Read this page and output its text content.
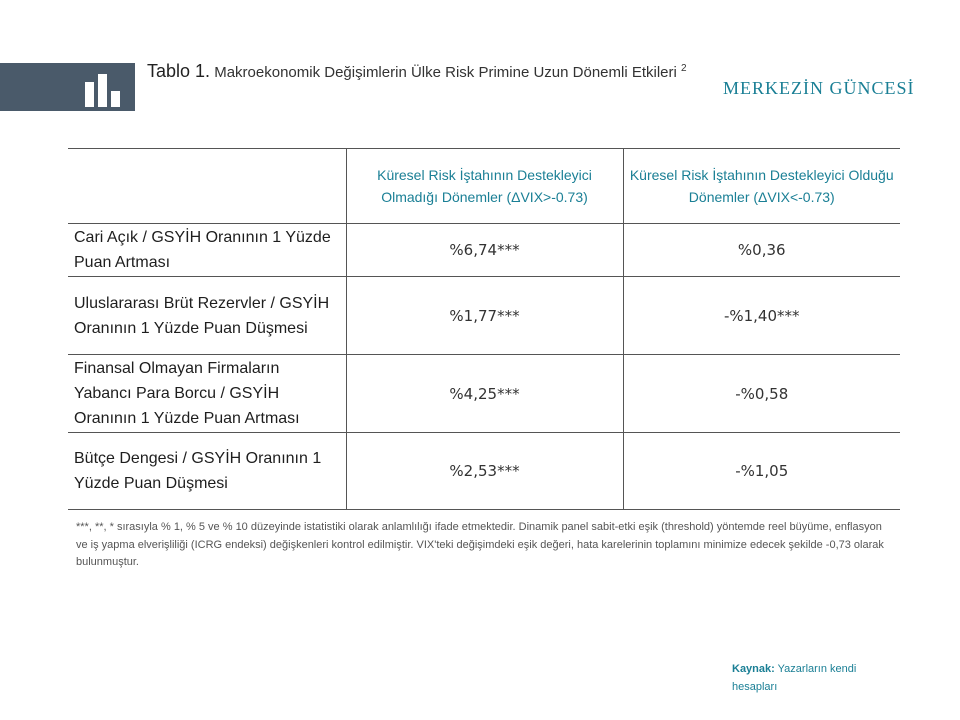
Tablo 1. Makroekonomik Değişimlerin Ülke Risk Primine Uzun Dönemli Etkileri $^2$
MERKEZİN GÜNCESİ
	Küresel Risk İştahının Destekleyici Olmadığı Dönemler (ΔVIX>-0.73)	Küresel Risk İştahının Destekleyici Olduğu Dönemler (ΔVIX<-0.73)
Cari Açık / GSYİH Oranının 1 Yüzde Puan Artması	%6,74***	%0,36
Uluslararası Brüt Rezervler / GSYİH Oranının 1 Yüzde Puan Düşmesi	%1,77***	-%1,40***
Finansal Olmayan Firmaların Yabancı Para Borcu / GSYİH Oranının 1 Yüzde Puan Artması	%4,25***	-%0,58
Bütçe Dengesi / GSYİH Oranının 1 Yüzde Puan Düşmesi	%2,53***	-%1,05
***, **, * sırasıyla % 1, % 5 ve % 10 düzeyinde istatistiki olarak anlamlılığı ifade etmektedir. Dinamik panel sabit-etki eşik (threshold) yöntemde reel büyüme, enflasyon ve iş yapma elverişliliği (ICRG endeksi) değişkenleri kontrol edilmiştir. VIX'teki değişimdeki eşik değeri, hata karelerinin toplamını minimize edecek şekilde -0,73 olarak bulunmuştur.
Kaynak: Yazarların kendi hesapları
